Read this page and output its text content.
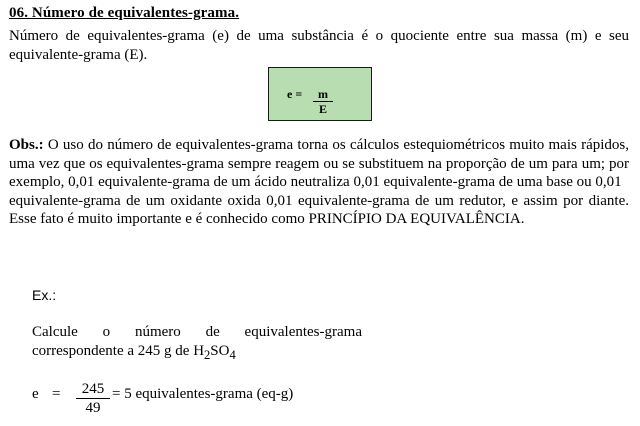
06. Número de equivalentes-grama.
Número de equivalentes-grama (e) de uma substância é o quociente entre sua massa (m) e seu equivalente-grama (E).
$e = \frac{m}{E}$
Obs.: O uso do número de equivalentes-grama torna os cálculos estequiométricos muito mais rápidos, uma vez que os equivalentes-grama sempre reagem ou se substituem na proporção de um para um; por exemplo, 0,01 equivalente-grama de um ácido neutraliza 0,01 equivalente-grama de uma base ou 0,01
equivalente-grama de um oxidante oxida 0,01 equivalente-grama de um redutor, e assim por diante. Esse fato é muito importante e é conhecido como PRINCÍPIO DA EQUIVALÊNCIA.
Ex.:
Calcule o número de equivalentes-grama
correspondente a 245 g de $H_2SO_4$
$e = \frac{245}{49} = 5$ equivalentes-grama (eq-g)
